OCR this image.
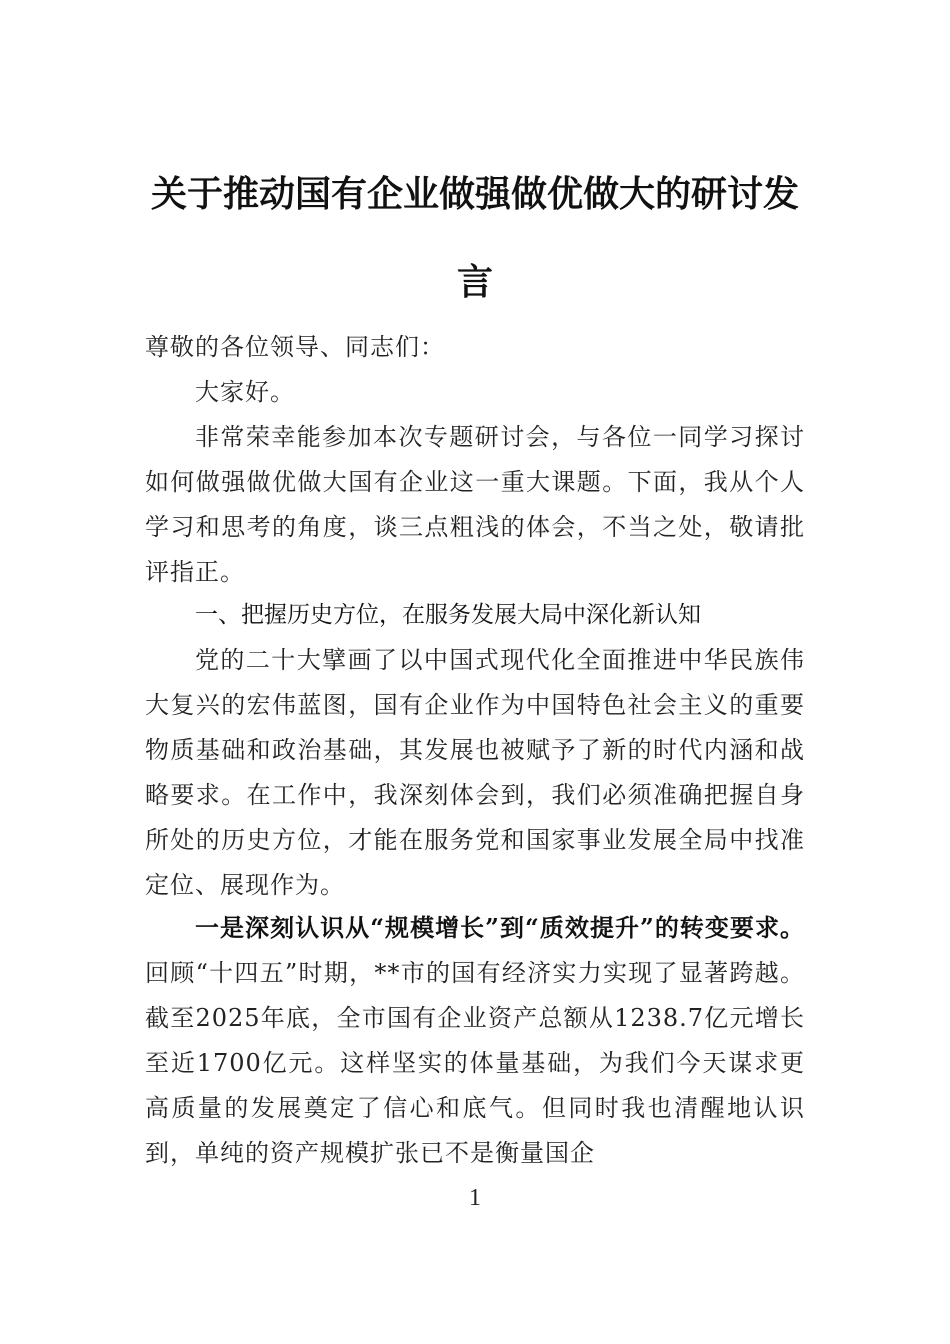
关于推动国有企业做强做优做大的研讨发言
尊敬的各位领导、同志们：
大家好。
非常荣幸能参加本次专题研讨会，与各位一同学习探讨如何做强做优做大国有企业这一重大课题。下面，我从个人学习和思考的角度，谈三点粗浅的体会，不当之处，敬请批评指正。
一、把握历史方位，在服务发展大局中深化新认知
党的二十大擘画了以中国式现代化全面推进中华民族伟大复兴的宏伟蓝图，国有企业作为中国特色社会主义的重要物质基础和政治基础，其发展也被赋予了新的时代内涵和战略要求。在工作中，我深刻体会到，我们必须准确把握自身所处的历史方位，才能在服务党和国家事业发展全局中找准定位、展现作为。
一是深刻认识从“规模增长”到“质效提升”的转变要求。回顾“十四五”时期，**市的国有经济实力实现了显著跨越。截至2025年底，全市国有企业资产总额从1238.7亿元增长至近1700亿元。这样坚实的体量基础，为我们今天谋求更高质量的发展奠定了信心和底气。但同时我也清醒地认识到，单纯的资产规模扩张已不是衡量国企
1
